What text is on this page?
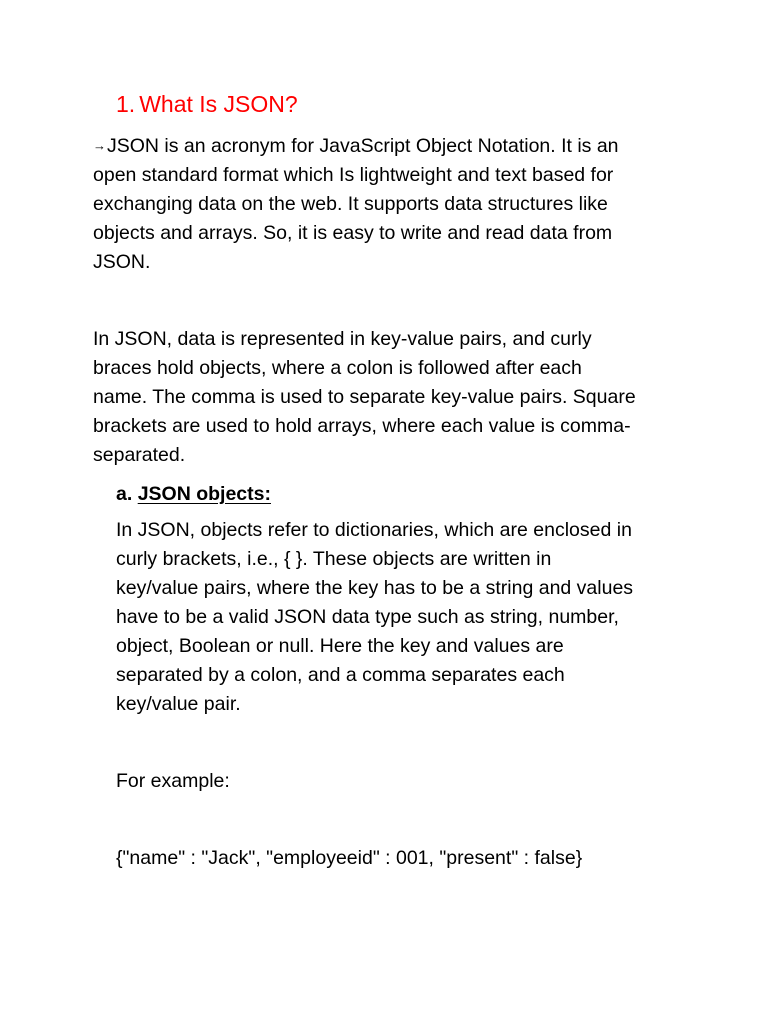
1. What Is JSON?

→JSON is an acronym for JavaScript Object Notation. It is an
open standard format which Is lightweight and text based for
exchanging data on the web. It supports data structures like
objects and arrays. So, it is easy to write and read data from
JSON.

In JSON, data is represented in key-value pairs, and curly
braces hold objects, where a colon is followed after each
name. The comma is used to separate key-value pairs. Square
brackets are used to hold arrays, where each value is comma-
separated.

a. JSON objects:

In JSON, objects refer to dictionaries, which are enclosed in
curly brackets, i.e., { }. These objects are written in
key/value pairs, where the key has to be a string and values
have to be a valid JSON data type such as string, number,
object, Boolean or null. Here the key and values are
separated by a colon, and a comma separates each
key/value pair.

For example:

{"name" : "Jack", "employeeid" : 001, "present" : false}
